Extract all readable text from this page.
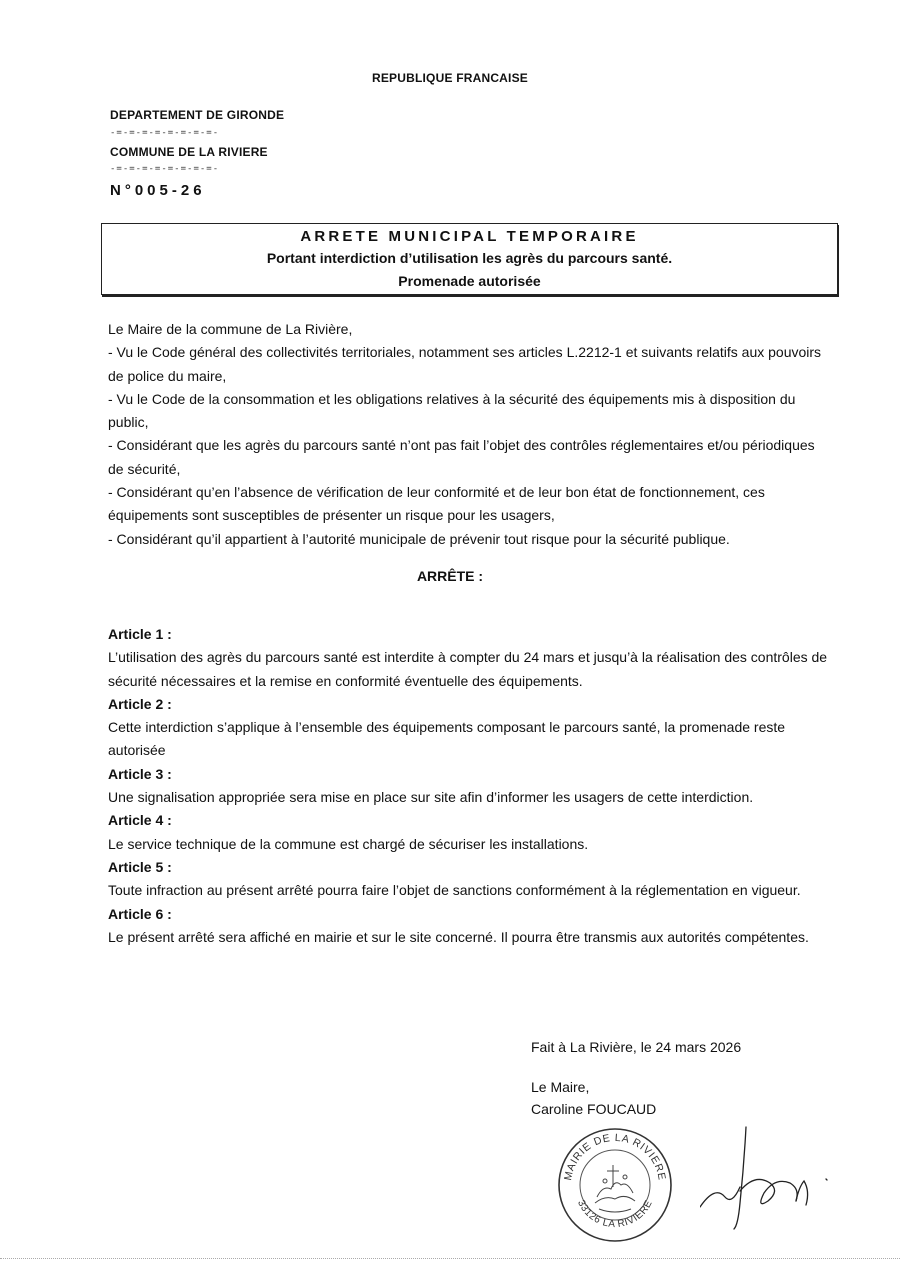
REPUBLIQUE FRANCAISE
DEPARTEMENT DE GIRONDE
-=-=-=-=-=-=-=-=-
COMMUNE DE LA RIVIERE
-=-=-=-=-=-=-=-=-
N°005-26
ARRETE MUNICIPAL TEMPORAIRE
Portant interdiction d’utilisation les agrès du parcours santé.
Promenade autorisée

Le Maire de la commune de La Rivière,

- Vu le Code général des collectivités territoriales, notamment ses articles L.2212-1 et suivants relatifs aux pouvoirs de police du maire,

- Vu le Code de la consommation et les obligations relatives à la sécurité des équipements mis à disposition du public,

- Considérant que les agrès du parcours santé n’ont pas fait l’objet des contrôles réglementaires et/ou périodiques de sécurité,

- Considérant qu’en l’absence de vérification de leur conformité et de leur bon état de fonctionnement, ces équipements sont susceptibles de présenter un risque pour les usagers,

- Considérant qu’il appartient à l’autorité municipale de prévenir tout risque pour la sécurité publique.

ARRÊTE :

Article 1 :

L’utilisation des agrès du parcours santé est interdite à compter du 24 mars et jusqu’à la réalisation des contrôles de sécurité nécessaires et la remise en conformité éventuelle des équipements.

Article 2 :

Cette interdiction s’applique à l’ensemble des équipements composant le parcours santé, la promenade reste autorisée

Article 3 :

Une signalisation appropriée sera mise en place sur site afin d’informer les usagers de cette interdiction.

Article 4 :

Le service technique de la commune est chargé de sécuriser les installations.

Article 5 :

Toute infraction au présent arrêté pourra faire l’objet de sanctions conformément à la réglementation en vigueur.

Article 6 :

Le présent arrêté sera affiché en mairie et sur le site concerné. Il pourra être transmis aux autorités compétentes.

Fait à La Rivière, le 24 mars 2026
Le Maire,
Caroline FOUCAUD
MAIRIE DE LA RIVIERE
33126 LA RIVIERE
